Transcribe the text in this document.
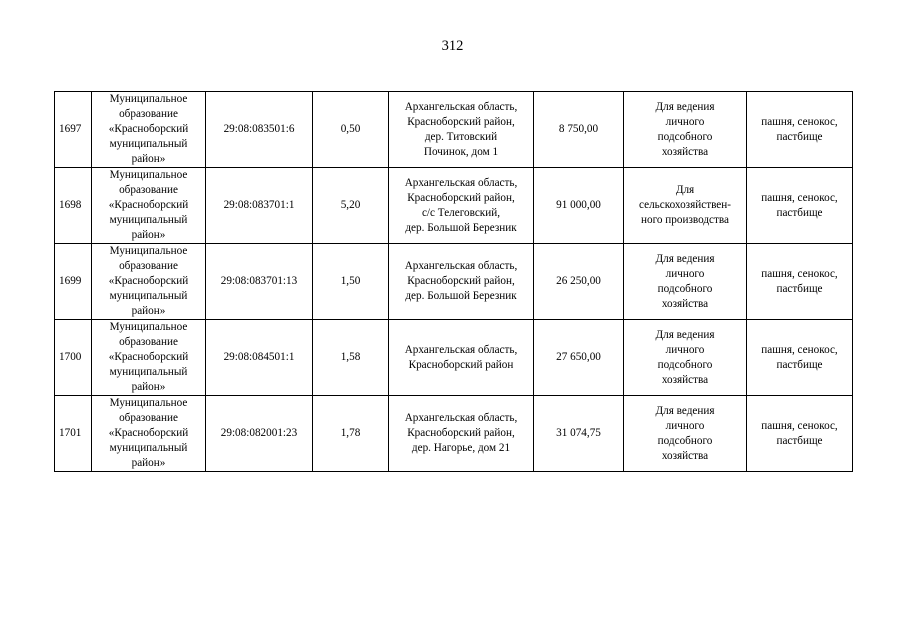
312
1697	Муниципальное
образование
«Красноборский
муниципальный
район»	29:08:083501:6	0,50	Архангельская область,
Красноборский район,
дер. Титовский
Починок, дом 1	8 750,00	Для ведения
личного
подсобного
хозяйства	пашня, сенокос,
пастбище

1698	Муниципальное
образование
«Красноборский
муниципальный
район»	29:08:083701:1	5,20	Архангельская область,
Красноборский район,
с/с Телеговский,
дер. Большой Березник	91 000,00	Для
сельскохозяйствен-
ного производства	пашня, сенокос,
пастбище

1699	Муниципальное
образование
«Красноборский
муниципальный
район»	29:08:083701:13	1,50	Архангельская область,
Красноборский район,
дер. Большой Березник	26 250,00	Для ведения
личного
подсобного
хозяйства	пашня, сенокос,
пастбище

1700	Муниципальное
образование
«Красноборский
муниципальный
район»	29:08:084501:1	1,58	Архангельская область,
Красноборский район	27 650,00	Для ведения
личного
подсобного
хозяйства	пашня, сенокос,
пастбище

1701	Муниципальное
образование
«Красноборский
муниципальный
район»	29:08:082001:23	1,78	Архангельская область,
Красноборский район,
дер. Нагорье, дом 21	31 074,75	Для ведения
личного
подсобного
хозяйства	пашня, сенокос,
пастбище
